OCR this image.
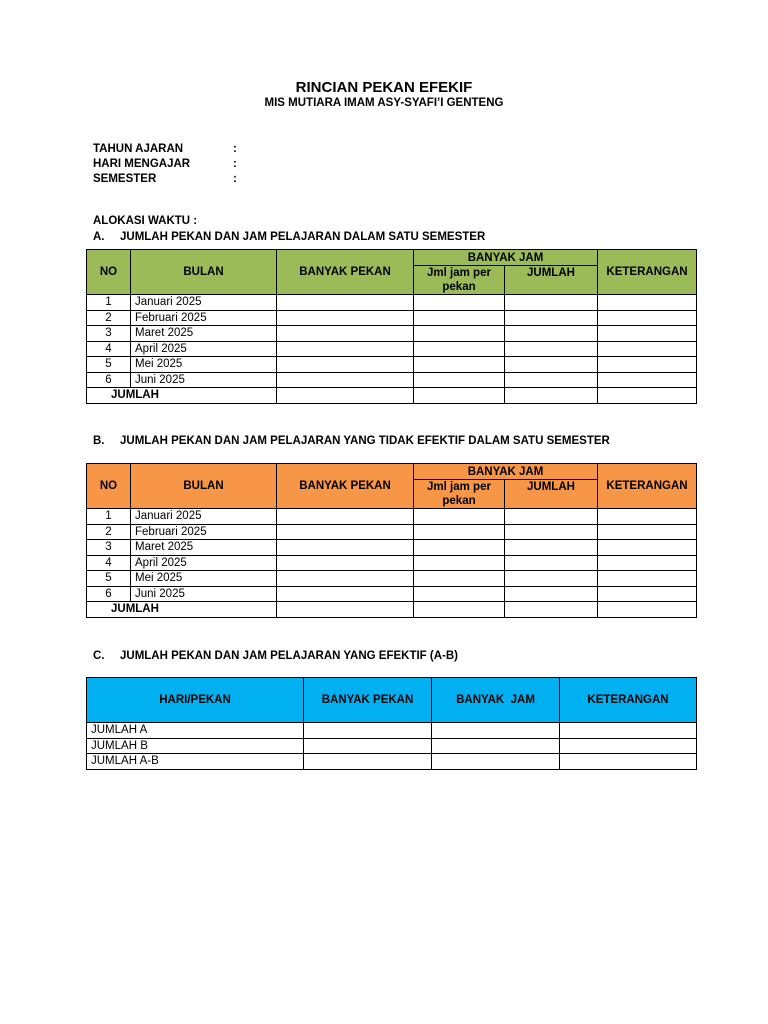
RINCIAN PEKAN EFEKIF
MIS MUTIARA IMAM ASY-SYAFI’I GENTENG
TAHUN AJARAN	:
HARI MENGAJAR	:
SEMESTER	:
ALOKASI WAKTU :
A. JUMLAH PEKAN DAN JAM PELAJARAN DALAM SATU SEMESTER
NO	BULAN	BANYAK PEKAN	BANYAK JAM		KETERANGAN
			Jml jam per pekan	JUMLAH	
1	Januari 2025				
2	Februari 2025				
3	Maret 2025				
4	April 2025				
5	Mei 2025				
6	Juni 2025				
JUMLAH					
B. JUMLAH PEKAN DAN JAM PELAJARAN YANG TIDAK EFEKTIF DALAM SATU SEMESTER
NO	BULAN	BANYAK PEKAN	BANYAK JAM		KETERANGAN
			Jml jam per pekan	JUMLAH	
1	Januari 2025				
2	Februari 2025				
3	Maret 2025				
4	April 2025				
5	Mei 2025				
6	Juni 2025				
JUMLAH					
C. JUMLAH PEKAN DAN JAM PELAJARAN YANG EFEKTIF (A-B)
HARI/PEKAN	BANYAK PEKAN	BANYAK  JAM	KETERANGAN
JUMLAH A			
JUMLAH B			
JUMLAH A-B			
